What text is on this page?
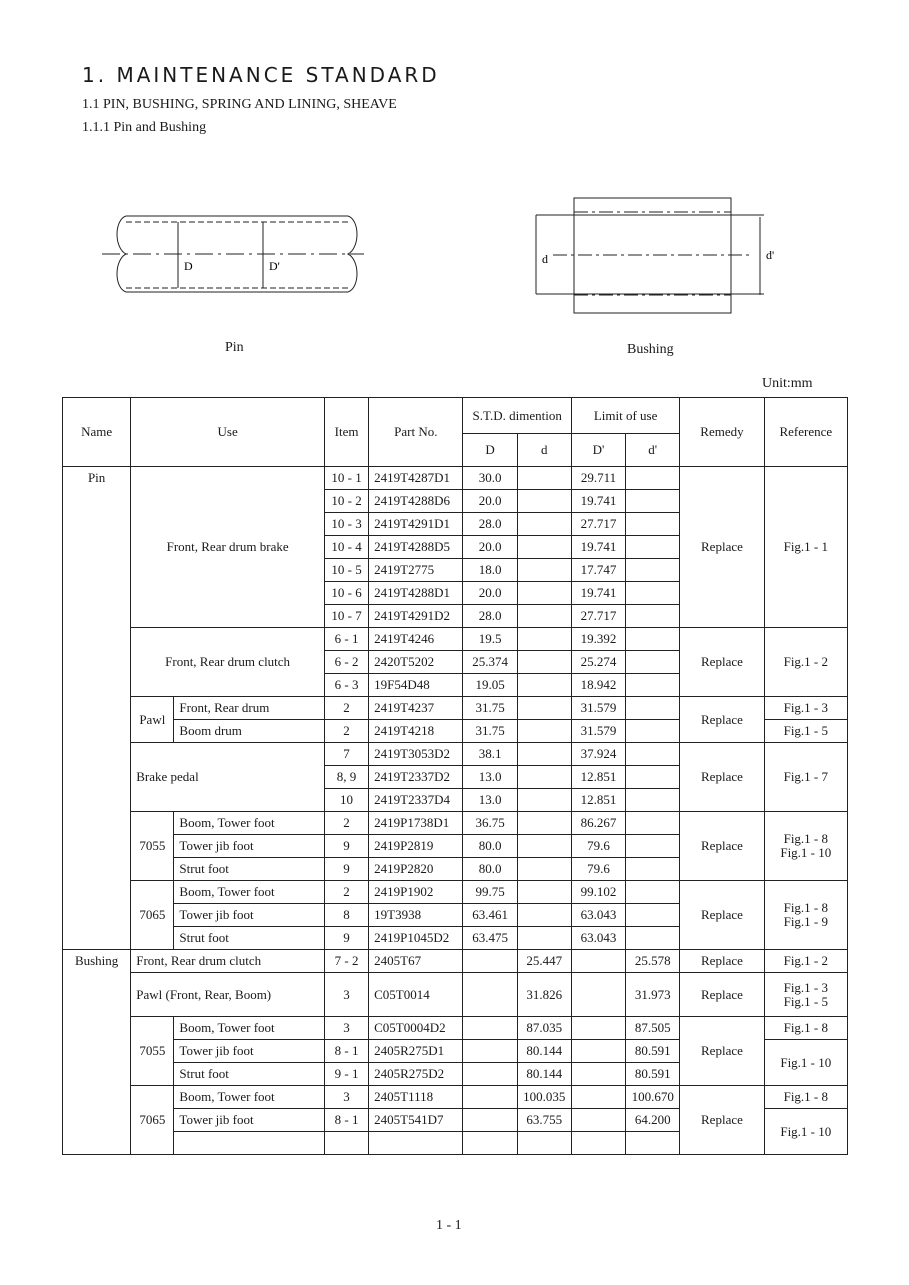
1. MAINTENANCE STANDARD
1.1 PIN, BUSHING, SPRING AND LINING, SHEAVE
1.1.1 Pin and Bushing
D	D'
Pin
d	d'
Bushing
Unit:mm
Name	Use		Item	Part No.	S.T.D. dimention		Limit of use		Remedy	Reference
					D	d	D'	d'		
Pin	Front, Rear drum brake		10 - 1	2419T4287D1	30.0		29.711		Replace	Fig.1 - 1
			10 - 2	2419T4288D6	20.0		19.741			
			10 - 3	2419T4291D1	28.0		27.717			
			10 - 4	2419T4288D5	20.0		19.741			
			10 - 5	2419T2775	18.0		17.747			
			10 - 6	2419T4288D1	20.0		19.741			
			10 - 7	2419T4291D2	28.0		27.717			
	Front, Rear drum clutch		6 - 1	2419T4246	19.5		19.392		Replace	Fig.1 - 2
			6 - 2	2420T5202	25.374		25.274			
			6 - 3	19F54D48	19.05		18.942			
	Pawl	Front, Rear drum	2	2419T4237	31.75		31.579		Replace	Fig.1 - 3
		Boom drum	2	2419T4218	31.75		31.579			Fig.1 - 5
	Brake pedal		7	2419T3053D2	38.1		37.924		Replace	Fig.1 - 7
			8, 9	2419T2337D2	13.0		12.851			
			10	2419T2337D4	13.0		12.851			
	7055	Boom, Tower foot	2	2419P1738D1	36.75		86.267		Replace	Fig.1 - 8
Fig.1 - 10
		Tower jib foot	9	2419P2819	80.0		79.6			
		Strut foot	9	2419P2820	80.0		79.6			
	7065	Boom, Tower foot	2	2419P1902	99.75		99.102		Replace	Fig.1 - 8
Fig.1 - 9
		Tower jib foot	8	19T3938	63.461		63.043			
		Strut foot	9	2419P1045D2	63.475		63.043			
Bushing	Front, Rear drum clutch		7 - 2	2405T67		25.447		25.578	Replace	Fig.1 - 2
	Pawl (Front, Rear, Boom)		3	C05T0014		31.826		31.973	Replace	Fig.1 - 3
Fig.1 - 5
	7055	Boom, Tower foot	3	C05T0004D2		87.035		87.505	Replace	Fig.1 - 8
		Tower jib foot	8 - 1	2405R275D1		80.144		80.591		Fig.1 - 10
		Strut foot	9 - 1	2405R275D2		80.144		80.591		
	7065	Boom, Tower foot	3	2405T1118		100.035		100.670	Replace	Fig.1 - 8
		Tower jib foot	8 - 1	2405T541D7		63.755		64.200		Fig.1 - 10

1 - 1
